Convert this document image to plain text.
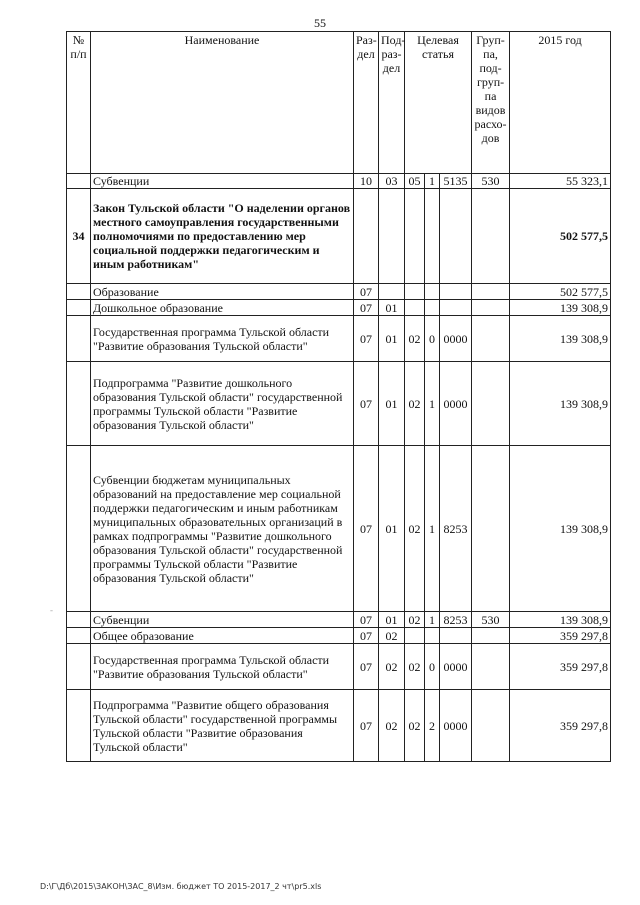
55
№ п/п	Наименование	Раз-дел	Под-раз-дел	Целевая статья			Груп-па, под-груп-па видов расхо-дов	2015 год
	Субвенции	10	03	05	1	5135	530	55 323,1
34	Закон Тульской области "О наделении органов местного самоуправления государственными полномочиями по предоставлению мер социальной поддержки педагогическим и иным работникам"							502 577,5
	Образование	07						502 577,5
	Дошкольное образование	07	01					139 308,9
	Государственная программа Тульской области "Развитие образования Тульской области"	07	01	02	0	0000		139 308,9
	Подпрограмма "Развитие дошкольного образования Тульской области" государственной программы Тульской области "Развитие образования Тульской области"	07	01	02	1	0000		139 308,9
	Субвенции бюджетам муниципальных образований на предоставление мер социальной поддержки педагогическим и иным работникам муниципальных образовательных организаций в рамках подпрограммы "Развитие дошкольного образования Тульской области" государственной программы Тульской области "Развитие образования Тульской области"	07	01	02	1	8253		139 308,9
	Субвенции	07	01	02	1	8253	530	139 308,9
	Общее образование	07	02					359 297,8
	Государственная программа Тульской области "Развитие образования Тульской области"	07	02	02	0	0000		359 297,8
	Подпрограмма "Развитие общего образования Тульской области" государственной программы Тульской области "Развитие образования Тульской области"	07	02	02	2	0000		359 297,8
D:\Г\Дб\2015\ЗАКОН\ЗАС_8\Изм. бюджет ТО 2015-2017_2 чт\pr5.xls
-
